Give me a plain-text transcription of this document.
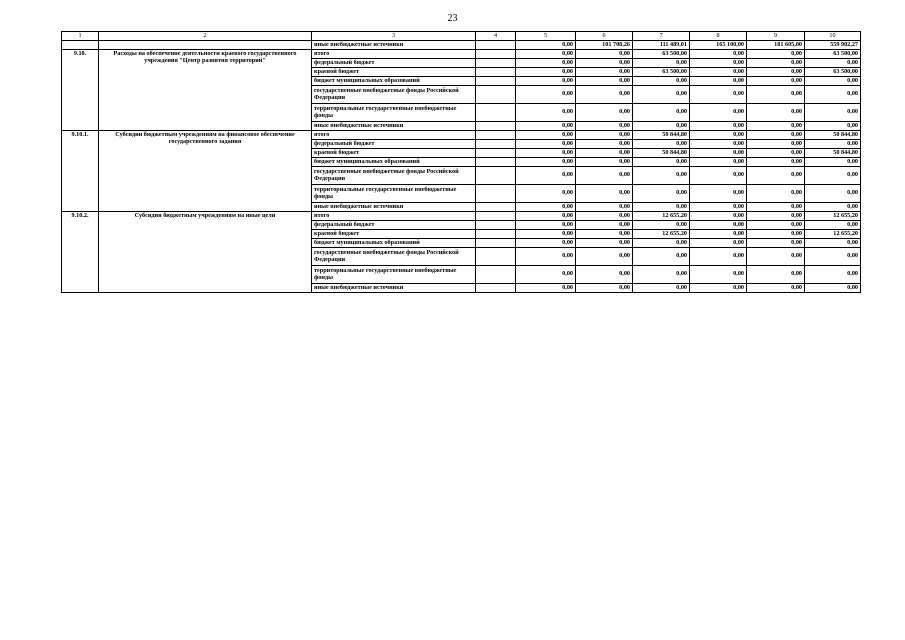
23
1	2	3	4	5	6	7	8	9	10
		иные внебюджетные источники		0,00	101 708,26	111 489,01	165 100,00	181 605,00	559 902,27
9.10.	Расходы на обеспечение деятельности краевого государственного учреждения "Центр развития территорий"	итого		0,00	0,00	63 500,00	0,00	0,00	63 500,00
		федеральный бюджет		0,00	0,00	0,00	0,00	0,00	0,00
		краевой бюджет		0,00	0,00	63 500,00	0,00	0,00	63 500,00
		бюджет муниципальных образований		0,00	0,00	0,00	0,00	0,00	0,00
		государственные внебюджетные фонды Российской Федерации		0,00	0,00	0,00	0,00	0,00	0,00
		территориальные государственные внебюджетные фонды		0,00	0,00	0,00	0,00	0,00	0,00
		иные внебюджетные источники		0,00	0,00	0,00	0,00	0,00	0,00
9.10.1.	Субсидии бюджетным учреждениям на финансовое обеспечение государственного задания	итого		0,00	0,00	50 844,80	0,00	0,00	50 844,80
		федеральный бюджет		0,00	0,00	0,00	0,00	0,00	0,00
		краевой бюджет		0,00	0,00	50 844,80	0,00	0,00	50 844,80
		бюджет муниципальных образований		0,00	0,00	0,00	0,00	0,00	0,00
		государственные внебюджетные фонды Российской Федерации		0,00	0,00	0,00	0,00	0,00	0,00
		территориальные государственные внебюджетные фонды		0,00	0,00	0,00	0,00	0,00	0,00
		иные внебюджетные источники		0,00	0,00	0,00	0,00	0,00	0,00
9.10.2.	Субсидии бюджетным учреждениям на иные цели	итого		0,00	0,00	12 655,20	0,00	0,00	12 655,20
		федеральный бюджет		0,00	0,00	0,00	0,00	0,00	0,00
		краевой бюджет		0,00	0,00	12 655,20	0,00	0,00	12 655,20
		бюджет муниципальных образований		0,00	0,00	0,00	0,00	0,00	0,00
		государственные внебюджетные фонды Российской Федерации		0,00	0,00	0,00	0,00	0,00	0,00
		территориальные государственные внебюджетные фонды		0,00	0,00	0,00	0,00	0,00	0,00
		иные внебюджетные источники		0,00	0,00	0,00	0,00	0,00	0,00
